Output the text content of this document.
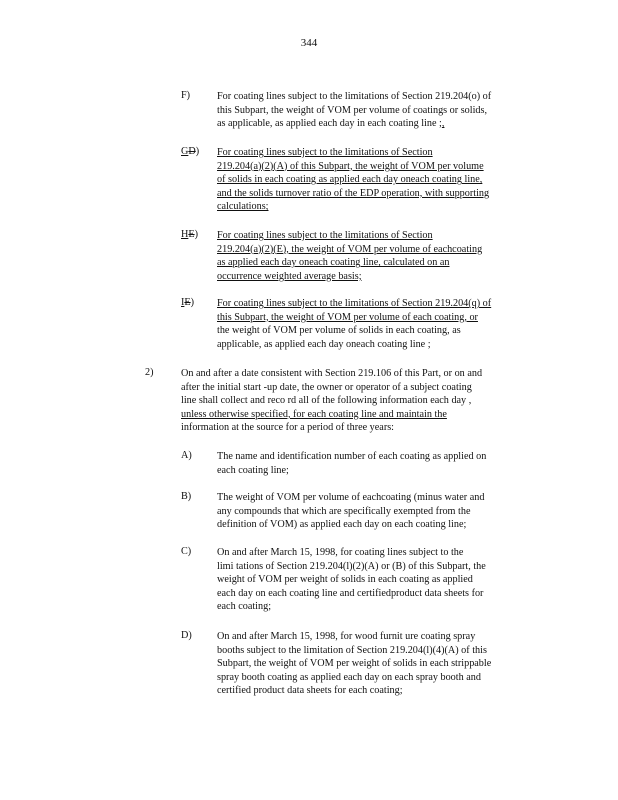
344
F)	For coating lines subject to the limitations of Section 219.204(o) of
this Subpart, the weight of VOM per volume of coatings or solids,
as applicable, as applied each day in each coating line ;,
GD)	For coating lines subject to the limitations of Section
219.204(a)(2)(A) of this Subpart, the weight of VOM per volume
of solids in each coating as applied each day oneach coating line,
and the solids turnover ratio of the EDP operation, with supporting
calculations;
HE)	For coating lines subject to the limitations of Section
219.204(a)(2)(E), the weight of VOM per volume of eachcoating
as applied each day oneach coating line, calculated on an
occurrence weighted average basis;
IE)	For coating lines subject to the limitations of Section 219.204(q) of
this Subpart, the weight of VOM per volume of each coating, or
the weight of VOM per volume of solids in each coating, as
applicable, as applied each day oneach coating line ;
2)	On and after a date consistent with Section 219.106 of this Part, or on and
after the initial start -up date, the owner or operator of a subject coating
line shall collect and reco rd all of the following information each day ,
unless otherwise specified, for each coating line and maintain the
information at the source for a period of three years:
A)	The name and identification number of each coating as applied on
each coating line;
B)	The weight of VOM per volume of eachcoating (minus water and
any compounds that which are specifically exempted from the
definition of VOM) as applied each day on each coating line;
C)	On and after March 15, 1998, for coating lines subject to the
limi tations of Section 219.204(l)(2)(A) or (B) of this Subpart, the
weight of VOM per weight of solids in each coating as applied
each day on each coating line and certifiedproduct data sheets for
each coating;
D)	On and after March 15, 1998, for wood furnit ure coating spray
booths subject to the limitation of Section 219.204(l)(4)(A) of this
Subpart, the weight of VOM per weight of solids in each strippable
spray booth coating as applied each day on each spray booth and
certified product data sheets for each coating;
